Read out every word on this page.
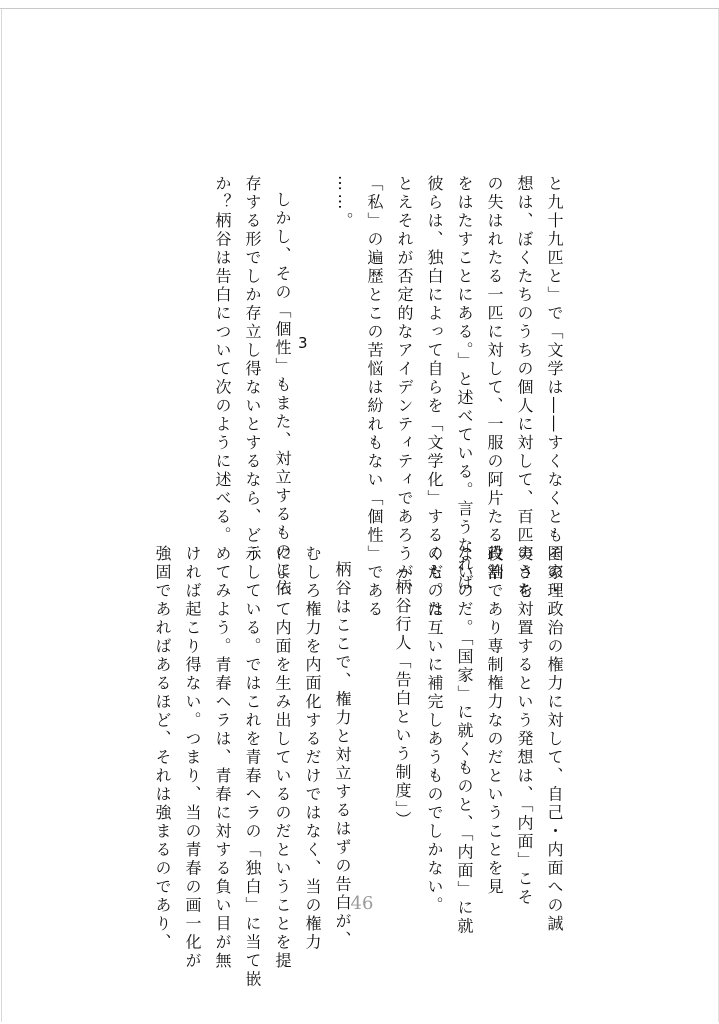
と九十九匹と」で「文学は――すくなくともその理
想は、ぼくたちのうちの個人に対して、百匹のうち
の失はれたる一匹に対して、一服の阿片たる役割
をはたすことにある。」と述べている。言うなれば
彼らは、独白によって自らを「文学化」するのだ。た
とえそれが否定的なアイデンティティであろうが、
「私」の遍歴とこの苦悩は紛れもない「個性」である
……。
3
しかし、その「個性」もまた、対立するものに依
存する形でしか存立し得ないとするなら、どう
か？柄谷は告白について次のように述べる。
国家・政治の権力に対して、自己・内面への誠
実さを対置するという発想は、「内面」こそ
政治であり専制権力なのだということを見
ないのだ。「国家」に就くものと、「内面」に就
くものは互いに補完しあうものでしかない。
（柄谷行人「告白という制度」）
柄谷はここで、権力と対立するはずの告白が、
むしろ権力を内面化するだけではなく、当の権力
によって内面を生み出しているのだということを提
示している。ではこれを青春ヘラの「独白」に当て嵌
めてみよう。青春ヘラは、青春に対する負い目が無
ければ起こり得ない。つまり、当の青春の画一化が
強固であればあるほど、それは強まるのであり、	46
